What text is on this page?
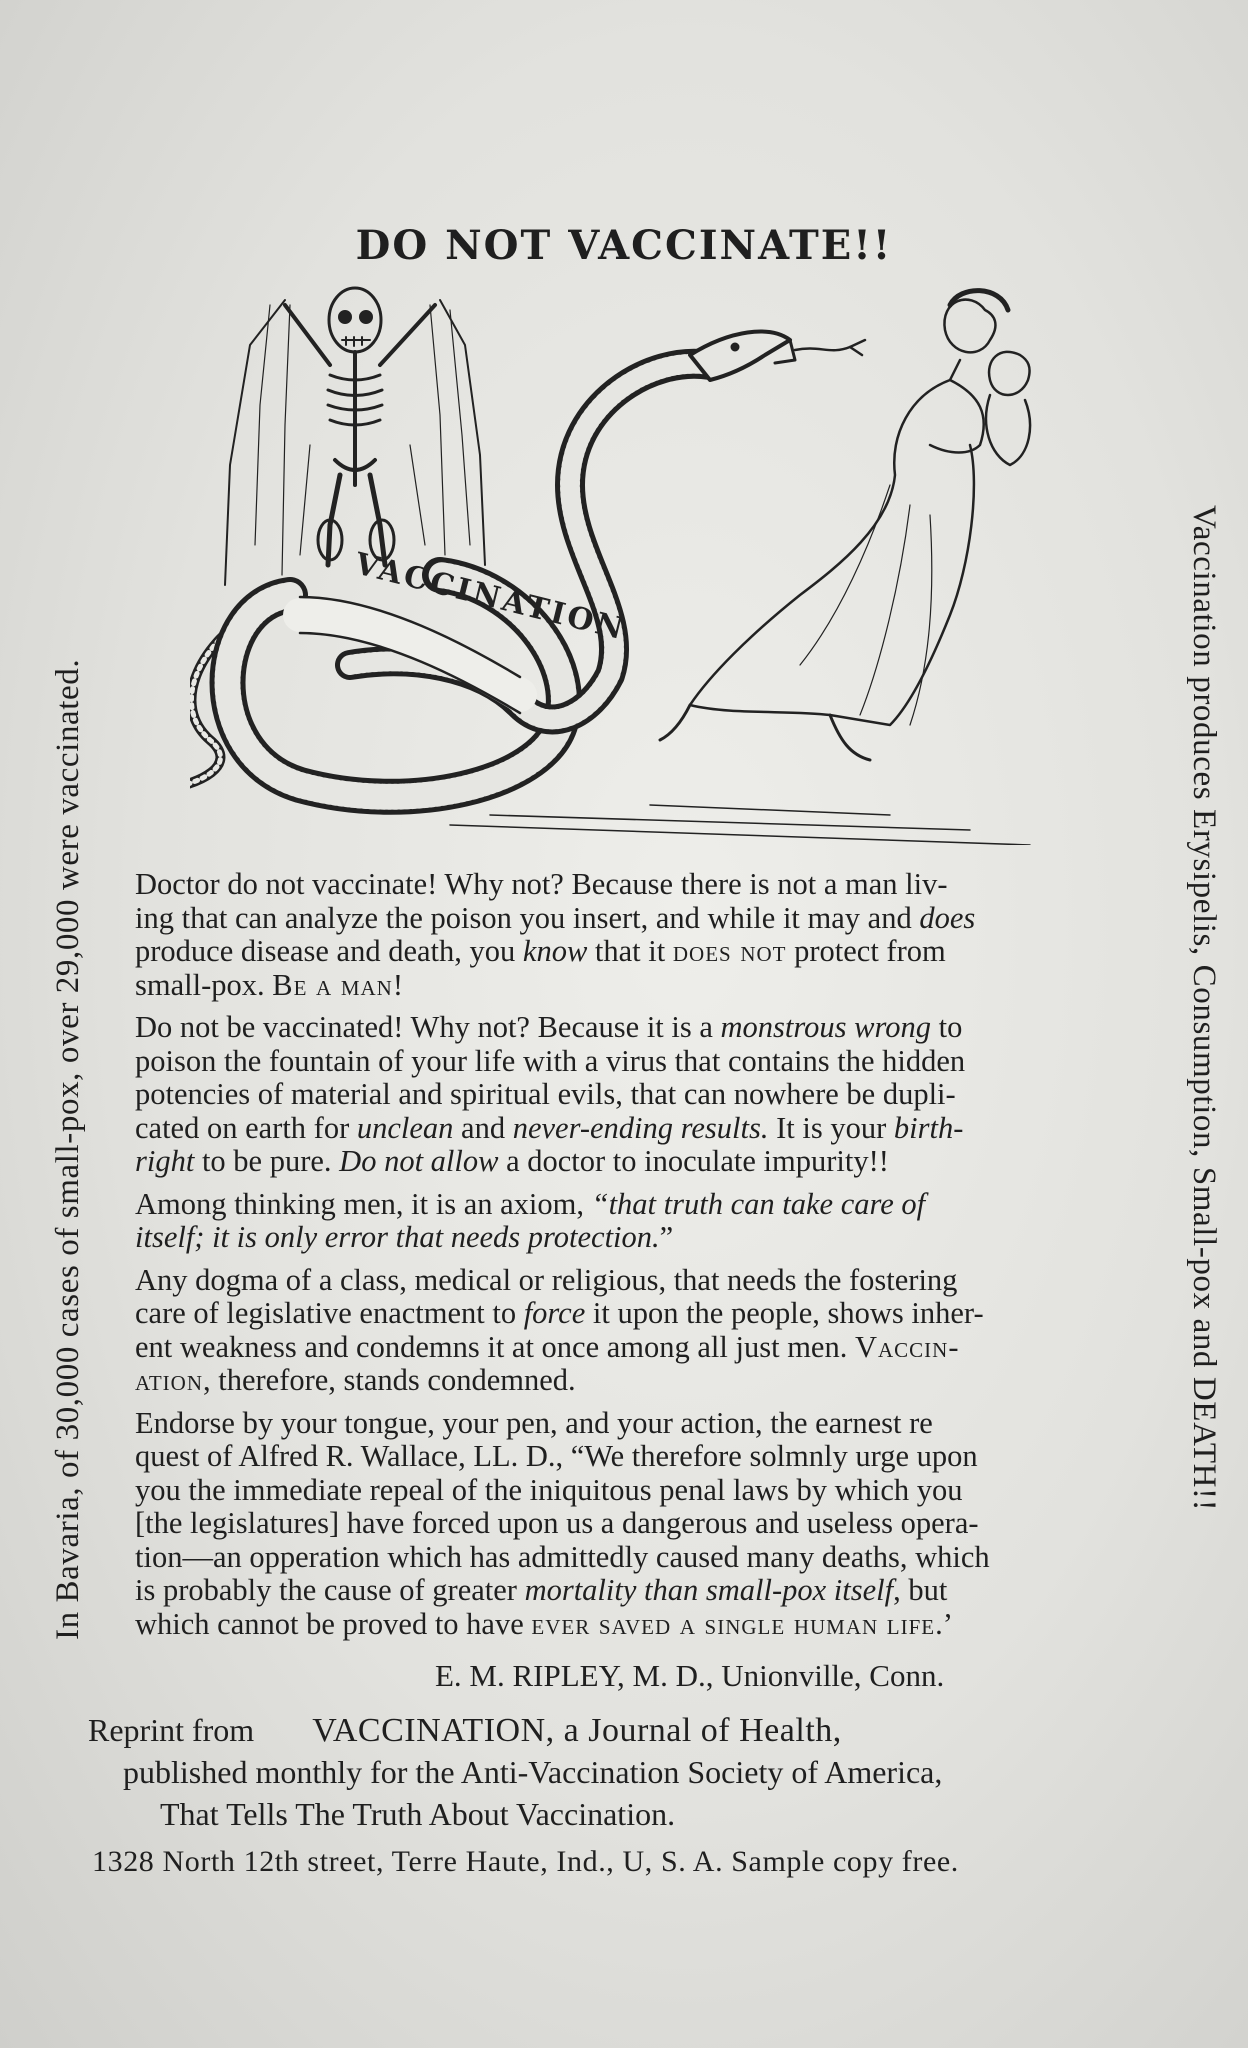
DO NOT VACCINATE!!
VACCINATION
In Bavaria, of 30,000 cases of small-pox, over 29,000 were vaccinated.	Vaccination produces Erysipelis, Consumption, Small-pox and DEATH!!

Doctor do not vaccinate! Why not? Because there is not a man liv-
ing that can analyze the poison you insert, and while it may and does
produce disease and death, you know that it does not protect from
small-pox. Be a man!

Do not be vaccinated! Why not? Because it is a monstrous wrong to
poison the fountain of your life with a virus that contains the hidden
potencies of material and spiritual evils, that can nowhere be dupli-
cated on earth for unclean and never-ending results. It is your birth-
right to be pure. Do not allow a doctor to inoculate impurity!!

Among thinking men, it is an axiom, “that truth can take care of
itself; it is only error that needs protection.”

Any dogma of a class, medical or religious, that needs the fostering
care of legislative enactment to force it upon the people, shows inher-
ent weakness and condemns it at once among all just men. Vaccin-
ation, therefore, stands condemned.

Endorse by your tongue, your pen, and your action, the earnest re
quest of Alfred R. Wallace, LL. D., “We therefore solmnly urge upon
you the immediate repeal of the iniquitous penal laws by which you
[the legislatures] have forced upon us a dangerous and useless opera-
tion—an opperation which has admittedly caused many deaths, which
is probably the cause of greater mortality than small-pox itself, but
which cannot be proved to have ever saved a single human life.’

E. M. RIPLEY, M. D., Unionville, Conn.
Reprint from VACCINATION, a Journal of Health,
published monthly for the Anti-Vaccination Society of America,
That Tells The Truth About Vaccination.
1328 North 12th street, Terre Haute, Ind., U, S. A. Sample copy free.
